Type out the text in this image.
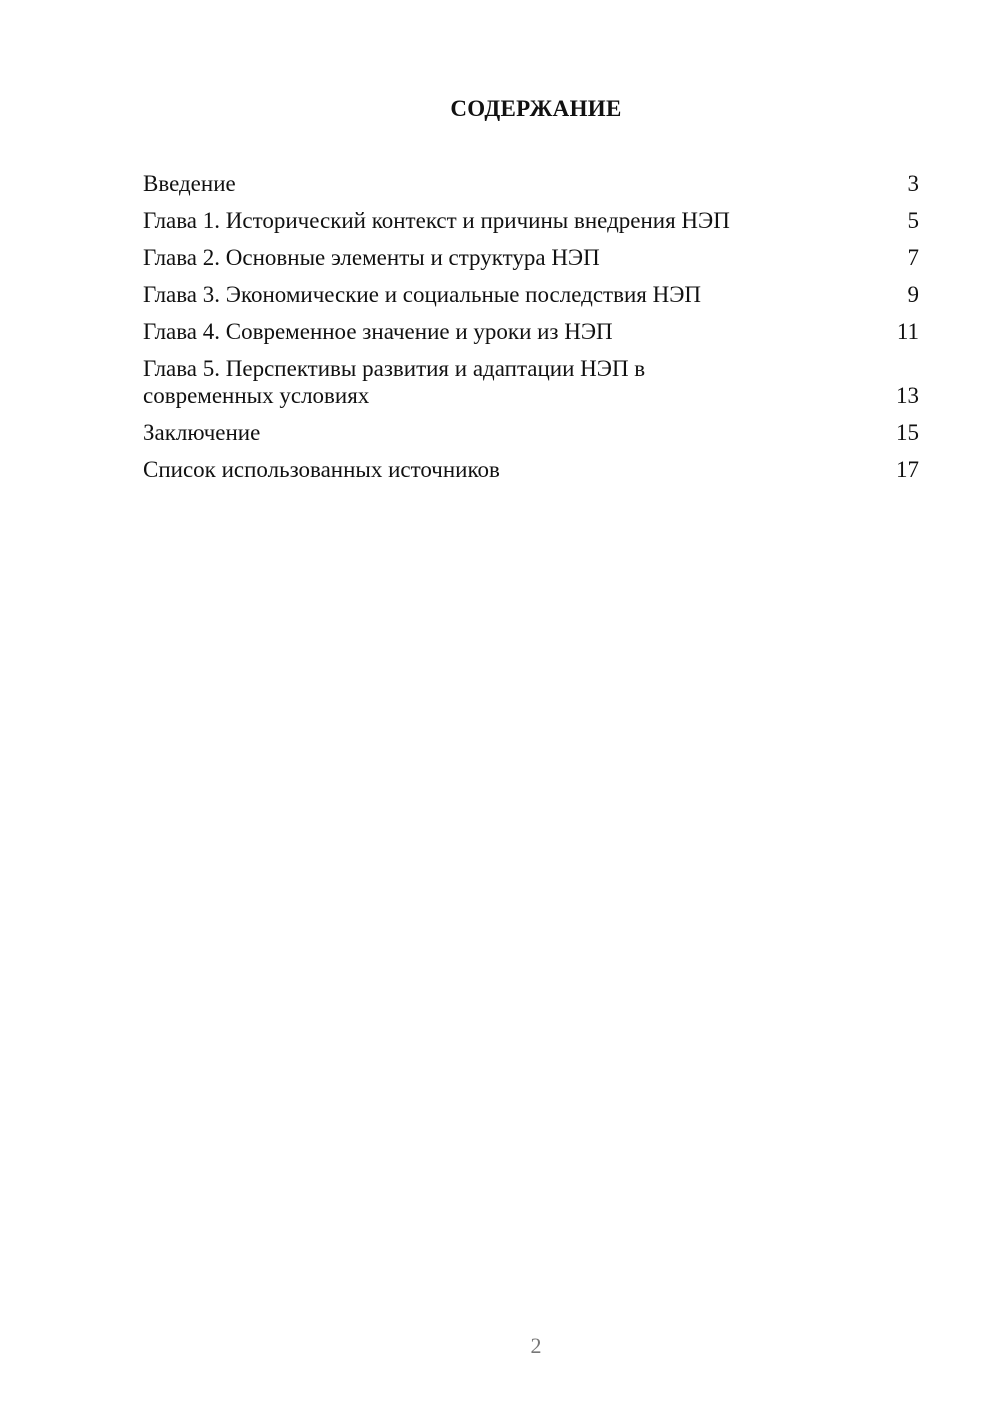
СОДЕРЖАНИЕ
Введение	3
Глава 1. Исторический контекст и причины внедрения НЭП	5
Глава 2. Основные элементы и структура НЭП	7
Глава 3. Экономические и социальные последствия НЭП	9
Глава 4. Современное значение и уроки из НЭП	11
Глава 5. Перспективы развития и адаптации НЭП в современных условиях	13
Заключение	15
Список использованных источников	17
2
